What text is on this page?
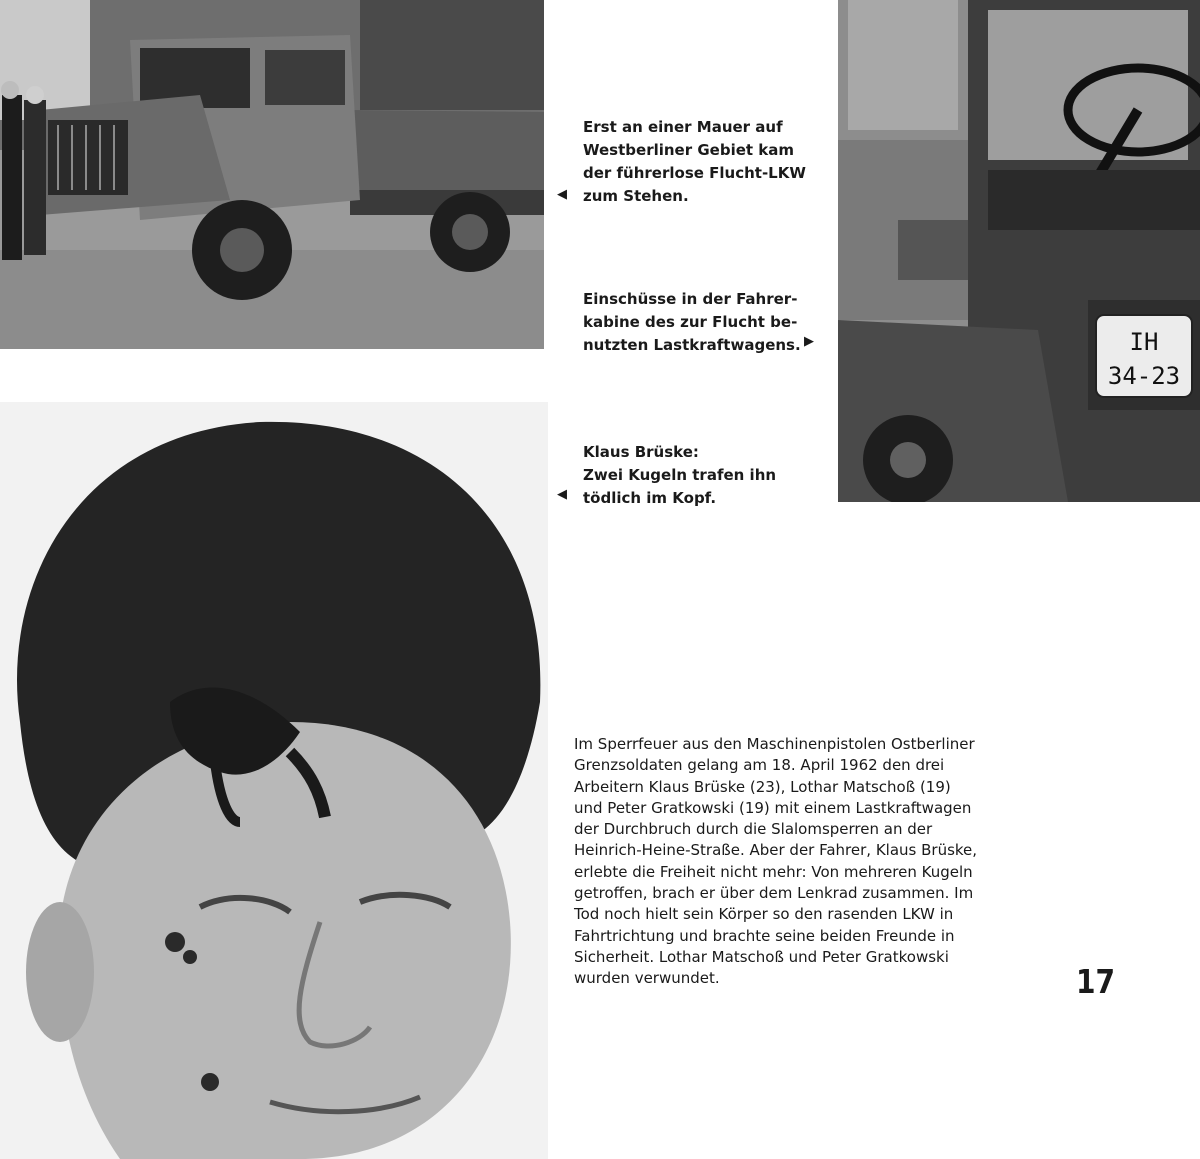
IH
34-23
Erst an einer Mauer auf
Westberliner Gebiet kam
der führerlose Flucht-LKW
zum Stehen.
◀
Einschüsse in der Fahrer-
kabine des zur Flucht be-
nutzten Lastkraftwagens. ▶
Klaus Brüske:
Zwei Kugeln trafen ihn
tödlich im Kopf.
◀
Im Sperrfeuer aus den Maschinenpistolen Ostberliner
Grenzsoldaten gelang am 18. April 1962 den drei
Arbeitern Klaus Brüske (23), Lothar Matschoß (19)
und Peter Gratkowski (19) mit einem Lastkraftwagen
der Durchbruch durch die Slalomsperren an der
Heinrich-Heine-Straße. Aber der Fahrer, Klaus Brüske,
erlebte die Freiheit nicht mehr: Von mehreren Kugeln
getroffen, brach er über dem Lenkrad zusammen. Im
Tod noch hielt sein Körper so den rasenden LKW in
Fahrtrichtung und brachte seine beiden Freunde in
Sicherheit. Lothar Matschoß und Peter Gratkowski
wurden verwundet.	17
